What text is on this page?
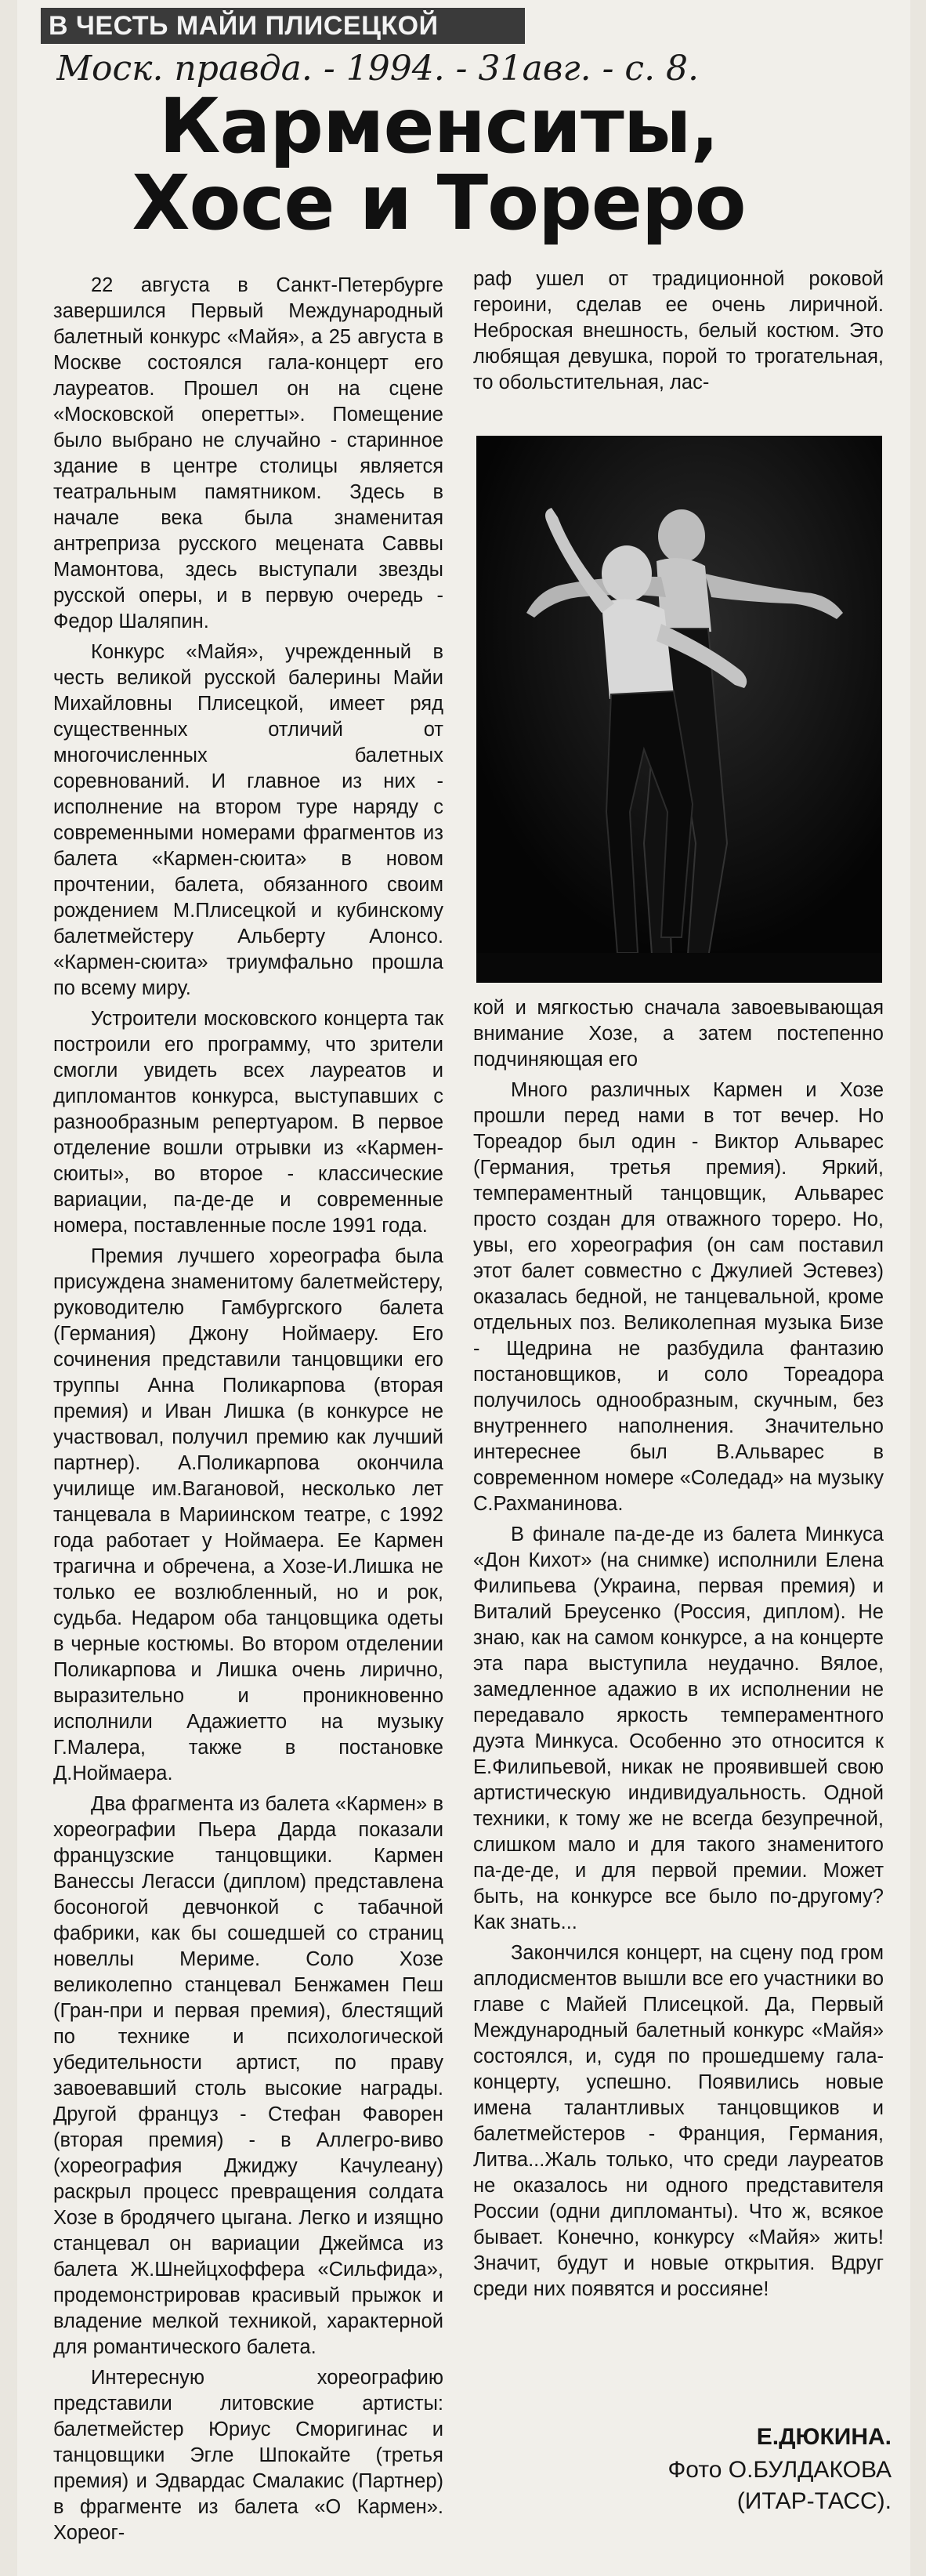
В ЧЕСТЬ МАЙИ ПЛИСЕЦКОЙ
Моск. правда. - 1994. - 31авг. - с. 8.
Карменситы,
Хосе и Тореро

22 августа в Санкт-Петербурге завершился Первый Международный балетный конкурс «Майя», а 25 августа в Москве состоялся гала-концерт его лауреатов. Прошел он на сцене «Московской оперетты». Помещение было выбрано не случайно - старинное здание в центре столицы является театральным памятником. Здесь в начале века была знаменитая антреприза русского мецената Саввы Мамонтова, здесь выступали звезды русской оперы, и в первую очередь - Федор Шаляпин.

Конкурс «Майя», учрежденный в честь великой русской балерины Майи Михайловны Плисецкой, имеет ряд существенных отличий от многочисленных балетных соревнований. И главное из них - исполнение на втором туре наряду с современными номерами фрагментов из балета «Кармен-сюита» в новом прочтении, балета, обязанного своим рождением М.Плисецкой и кубинскому балетмейстеру Альберту Алонсо. «Кармен-сюита» триумфально прошла по всему миру.

Устроители московского концерта так построили его программу, что зрители смогли увидеть всех лауреатов и дипломантов конкурса, выступавших с разнообразным репертуаром. В первое отделение вошли отрывки из «Кармен-сюиты», во второе - классические вариации, па-де-де и современные номера, поставленные после 1991 года.

Премия лучшего хореографа была присуждена знаменитому балетмейстеру, руководителю Гамбургского балета (Германия) Джону Ноймаеру. Его сочинения представили танцовщики его труппы Анна Поликарпова (вторая премия) и Иван Лишка (в конкурсе не участвовал, получил премию как лучший партнер). А.Поликарпова окончила училище им.Вагановой, несколько лет танцевала в Мариинском театре, с 1992 года работает у Ноймаера. Ее Кармен трагична и обречена, а Хозе-И.Лишка не только ее возлюбленный, но и рок, судьба. Недаром оба танцовщика одеты в черные костюмы. Во втором отделении Поликарпова и Лишка очень лирично, выразительно и проникновенно исполнили Адажиетто на музыку Г.Малера, также в постановке Д.Ноймаера.

Два фрагмента из балета «Кармен» в хореографии Пьера Дарда показали французские танцовщики. Кармен Ванессы Легасси (диплом) представлена босоногой девчонкой с табачной фабрики, как бы сошедшей со страниц новеллы Мериме. Соло Хозе великолепно станцевал Бенжамен Пеш (Гран-при и первая премия), блестящий по технике и психологической убедительности артист, по праву завоевавший столь высокие награды. Другой француз - Стефан Фаворен (вторая премия) - в Аллегро-виво (хореография Джиджу Качулеану) раскрыл процесс превращения солдата Хозе в бродячего цыгана. Легко и изящно станцевал он вариации Джеймса из балета Ж.Шнейцхоффера «Сильфида», продемонстрировав красивый прыжок и владение мелкой техникой, характерной для романтического балета.

Интересную хореографию представили литовские артисты: балетмейстер Юриус Сморигинас и танцовщики Эгле Шпокайте (третья премия) и Эдвардас Смалакис (Партнер) в фрагменте из балета «О Кармен». Хореог-

раф ушел от традиционной роковой героини, сделав ее очень лиричной. Неброская внешность, белый костюм. Это любящая девушка, порой то трогательная, то обольстительная, лас-

кой и мягкостью сначала завоевывающая внимание Хозе, а затем постепенно подчиняющая его

Много различных Кармен и Хозе прошли перед нами в тот вечер. Но Тореадор был один - Виктор Альварес (Германия, третья премия). Яркий, темпераментный танцовщик, Альварес просто создан для отважного тореро. Но, увы, его хореография (он сам поставил этот балет совместно с Джулией Эстевез) оказалась бедной, не танцевальной, кроме отдельных поз. Великолепная музыка Бизе - Щедрина не разбудила фантазию постановщиков, и соло Тореадора получилось однообразным, скучным, без внутреннего наполнения. Значительно интереснее был В.Альварес в современном номере «Соледад» на музыку С.Рахманинова.

В финале па-де-де из балета Минкуса «Дон Кихот» (на снимке) исполнили Елена Филипьева (Украина, первая премия) и Виталий Бреусенко (Россия, диплом). Не знаю, как на самом конкурсе, а на концерте эта пара выступила неудачно. Вялое, замедленное адажио в их исполнении не передавало яркость темпераментного дуэта Минкуса. Особенно это относится к Е.Филипьевой, никак не проявившей свою артистическую индивидуальность. Одной техники, к тому же не всегда безупречной, слишком мало и для такого знаменитого па-де-де, и для первой премии. Может быть, на конкурсе все было по-другому? Как знать...

Закончился концерт, на сцену под гром аплодисментов вышли все его участники во главе с Майей Плисецкой. Да, Первый Международный балетный конкурс «Майя» состоялся, и, судя по прошедшему гала-концерту, успешно. Появились новые имена талантливых танцовщиков и балетмейстеров - Франция, Германия, Литва...Жаль только, что среди лауреатов не оказалось ни одного представителя России (одни дипломанты). Что ж, всякое бывает. Конечно, конкурсу «Майя» жить! Значит, будут и новые открытия. Вдруг среди них появятся и россияне!

Е.ДЮКИНА.
Фото О.БУЛДАКОВА
(ИТАР-ТАСС).
